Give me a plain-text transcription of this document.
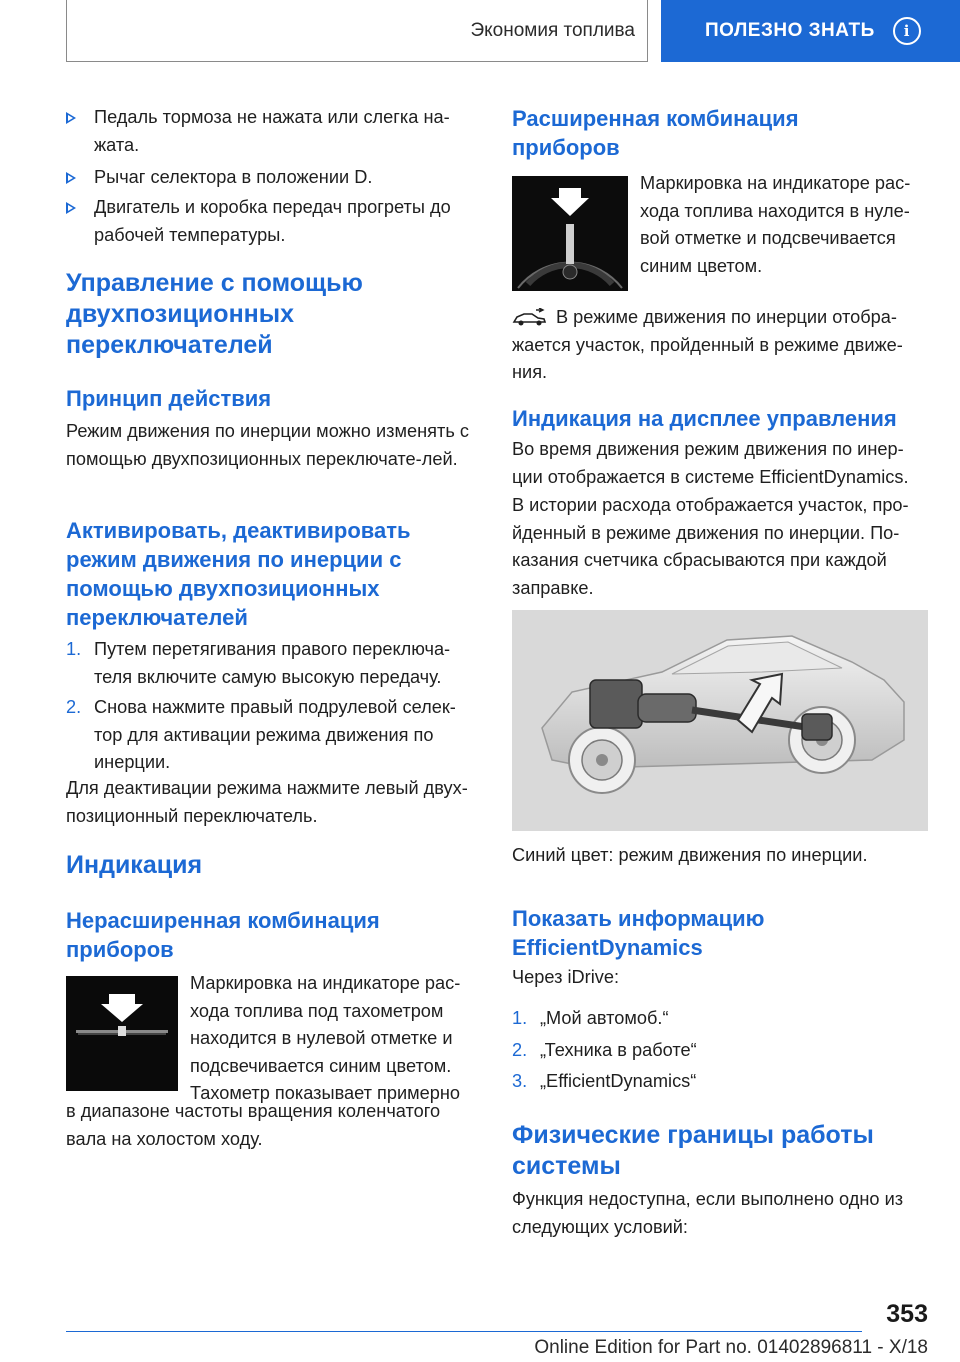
Экономия топлива	ПОЛЕЗНО ЗНАТЬ	i

Педаль тормоза не нажата или слегка на-жата.

Рычаг селектора в положении D.

Двигатель и коробка передач прогреты до рабочей температуры.

Управление с помощью двухпозиционных переключателей
Принцип действия

Режим движения по инерции можно изменять с помощью двухпозиционных переключате-лей.

Активировать, деактивировать режим движения по инерции с помощью двухпозиционных переключателей
1. Путем перетягивания правого переключа-теля включите самую высокую передачу.

2. Снова нажмите правый подрулевой селек-тор для активации режима движения по инерции.

Для деактивации режима нажмите левый двух-позиционный переключатель.

Индикация
Нерасширенная комбинация приборов

Маркировка на индикаторе рас-

хода топлива под тахометром

находится в нулевой отметке и

подсвечивается синим цветом.

Тахометр показывает примерно

в диапазоне частоты вращения коленчатого вала на холостом ходу.

Расширенная комбинация приборов

Маркировка на индикаторе рас-хода топлива находится в нуле-вой отметке и подсвечивается синим цветом.

В режиме движения по инерции отобра-жается участок, пройденный в режиме движе-ния.

Индикация на дисплее управления

Во время движения режим движения по инер-ции отображается в системе EfficientDynamics.

В истории расхода отображается участок, про-йденный в режиме движения по инерции. По-казания счетчика сбрасываются при каждой заправке.

Синий цвет: режим движения по инерции.

Показать информацию EfficientDynamics

Через iDrive:

1. „Мой автомоб.“

2. „Техника в работе“

3. „EfficientDynamics“

Физические границы работы системы

Функция недоступна, если выполнено одно из следующих условий:

353
Online Edition for Part no. 01402896811 - X/18
